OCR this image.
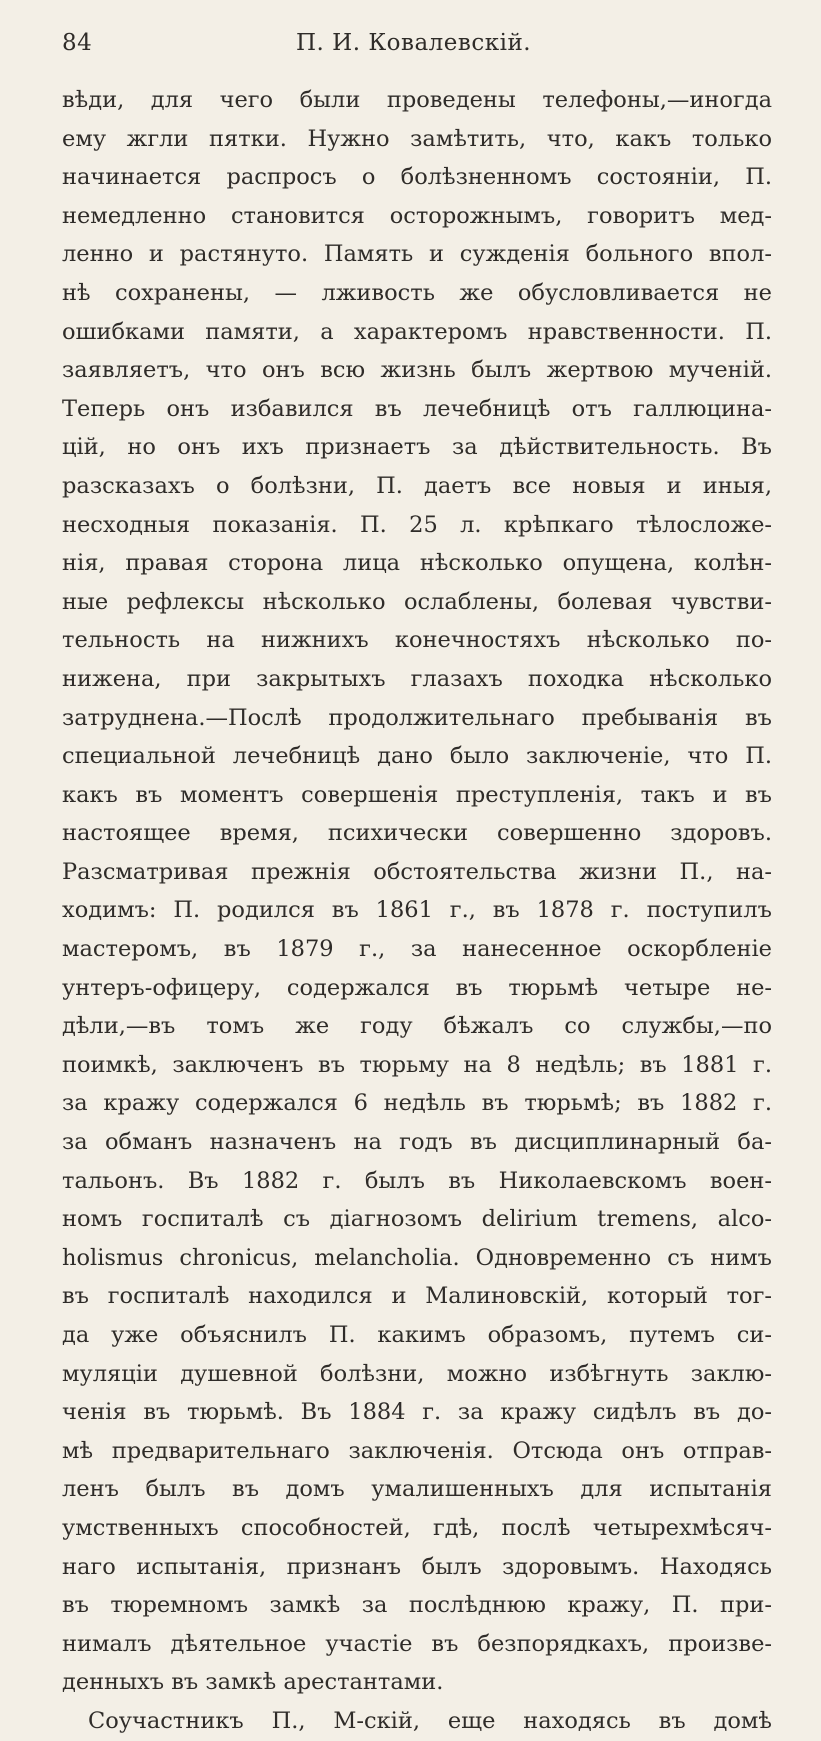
84	П. И. Ковалевскій.
вѣди, для чего были проведены телефоны,—иногда
ему жгли пятки. Нужно замѣтить, что, какъ только
начинается распросъ о болѣзненномъ состояніи, П.
немедленно становится осторожнымъ, говоритъ мед-
ленно и растянуто. Память и сужденія больного впол-
нѣ сохранены, — лживость же обусловливается не
ошибками памяти, а характеромъ нравственности. П.
заявляетъ, что онъ всю жизнь былъ жертвою мученій.
Теперь онъ избавился въ лечебницѣ отъ галлюцина-
цій, но онъ ихъ признаетъ за дѣйствительность. Въ
разсказахъ о болѣзни, П. даетъ все новыя и иныя,
несходныя показанія. П. 25 л. крѣпкаго тѣлосложе-
нія, правая сторона лица нѣсколько опущена, колѣн-
ные рефлексы нѣсколько ослаблены, болевая чувстви-
тельность на нижнихъ конечностяхъ нѣсколько по-
нижена, при закрытыхъ глазахъ походка нѣсколько
затруднена.—Послѣ продолжительнаго пребыванія въ
специальной лечебницѣ дано было заключеніе, что П.
какъ въ моментъ совершенія преступленія, такъ и въ
настоящее время, психически совершенно здоровъ.
Разсматривая прежнія обстоятельства жизни П., на-
ходимъ: П. родился въ 1861 г., въ 1878 г. поступилъ
мастеромъ, въ 1879 г., за нанесенное оскорбленіе
унтеръ-офицеру, содержался въ тюрьмѣ четыре не-
дѣли,—въ томъ же году бѣжалъ со службы,—по
поимкѣ, заключенъ въ тюрьму на 8 недѣль; въ 1881 г.
за кражу содержался 6 недѣль въ тюрьмѣ; въ 1882 г.
за обманъ назначенъ на годъ въ дисциплинарный ба-
тальонъ. Въ 1882 г. былъ въ Николаевскомъ воен-
номъ госпиталѣ съ діагнозомъ delirium tremens, alco-
holismus chronicus, melancholia. Одновременно съ нимъ
въ госпиталѣ находился и Малиновскій, который тог-
да уже объяснилъ П. какимъ образомъ, путемъ си-
муляціи душевной болѣзни, можно избѣгнуть заклю-
ченія въ тюрьмѣ. Въ 1884 г. за кражу сидѣлъ въ до-
мѣ предварительнаго заключенія. Отсюда онъ отправ-
ленъ былъ въ домъ умалишенныхъ для испытанія
умственныхъ способностей, гдѣ, послѣ четырехмѣсяч-
наго испытанія, признанъ былъ здоровымъ. Находясь
въ тюремномъ замкѣ за послѣднюю кражу, П. при-
нималъ дѣятельное участіе въ безпорядкахъ, произве-
денныхъ въ замкѣ арестантами.
Соучастникъ П., М-скій, еще находясь въ домѣ
